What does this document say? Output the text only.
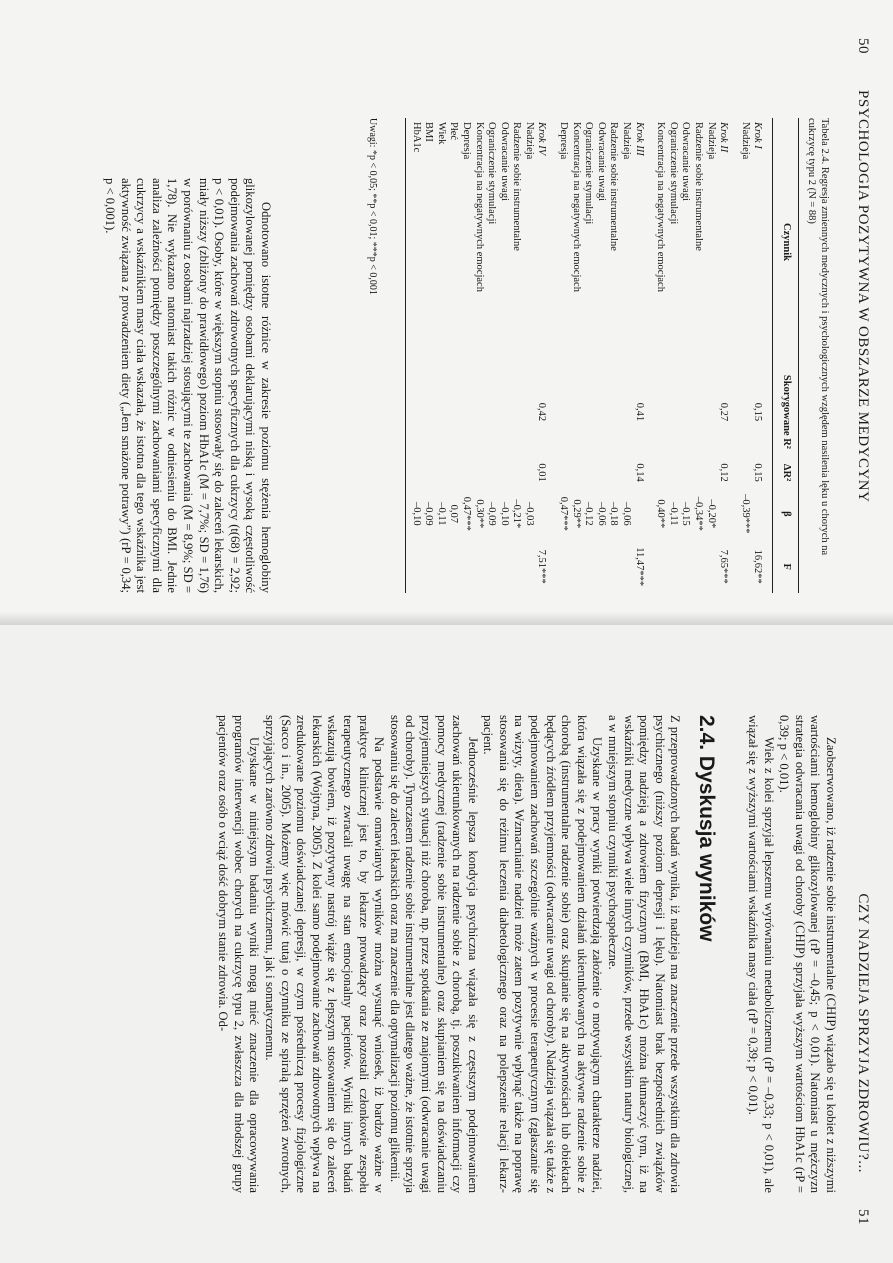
50
PSYCHOLOGIA POZYTYWNA W OBSZARZE MEDYCYNY
Tabela 2.4. Regresja zmiennych medycznych i psychologicznych względem nasilenia lęku u chorych na cukrzycę typu 2 (N = 88)
Czynnik	Skorygowane R²	ΔR²	β	F
Krok I	0,15	0,15		16,62**
Nadzieja			–0,39***	
Krok II	0,27	0,12		7,65***
Nadzieja			–0,20*	
Radzenie sobie instrumentalne			–0,34**	
Odwracanie uwagi			–0,15	
Ograniczenie stymulacji			–0,11	
Koncentracja na negatywnych emocjach			0,40**	
Krok III	0,41	0,14		11,47***
Nadzieja			–0,06	
Radzenie sobie instrumentalne			–0,18	
Odwracanie uwagi			–0,06	
Ograniczenie stymulacji			–0,12	
Koncentracja na negatywnych emocjach			0,29**	
Depresja			0,47***	
Krok IV	0,42	0,01		7,51***
Nadzieja			–0,03	
Radzenie sobie instrumentalne			–0,21*	
Odwracanie uwagi			–0,10	
Ograniczenie stymulacji			–0,09	
Koncentracja na negatywnych emocjach			0,30**	
Depresja			0,47***	
Płeć			0,07	
Wiek			–0,11	
BMI			–0,09	
HbA1c			–0,10	
Uwagi: *p < 0,05; **p < 0,01; ***p < 0,001

Odnotowano istotne różnice w zakresie poziomu stężenia hemoglobiny glikozylowanej pomiędzy osobami deklarującymi niską i wysoką częstotliwość podejmowania zachowań zdrowotnych specyficznych dla cukrzycy (t(68) = 2,92; p < 0,01). Osoby, które w większym stopniu stosowały się do zaleceń lekarskich, miały niższy (zbliżony do prawidłowego) poziom HbA1c (M = 7,7%; SD = 1,76) w porównaniu z osobami najrzadziej stosującymi te zachowania (M = 8,9%; SD = 1,78). Nie wykazano natomiast takich różnic w odniesieniu do BMI. Jednie analiza zależności pomiędzy poszczególnymi zachowaniami specyficznymi dla cukrzycy a wskaźnikiem masy ciała wskazała, że istotna dla tego wskaźnika jest aktywność związana z prowadzeniem diety („Jem smażone potrawy”) (rP = 0,34; p < 0,001).

CZY NADZIEJA SPRZYJA ZDROWIU?...
51

Zaobserwowano, iż radzenie sobie instrumentalne (CHIP) wiązało się u kobiet z niższymi wartościami hemoglobiny glikozylowanej (rP = –0,45; p < 0,01). Natomiast u mężczyzn strategia odwracania uwagi od choroby (CHIP) sprzyjała wyższym wartościom HbA1c (rP = 0,39; p < 0,01).

Wiek z kolei sprzyjał lepszemu wyrównaniu metabolicznemu (rP = –0,33; p < 0,01), ale wiązał się z wyższymi wartościami wskaźnika masy ciała (rP = 0,39; p < 0,01).

2.4. Dyskusja wyników

Z przeprowadzonych badań wynika, iż nadzieja ma znaczenie przede wszystkim dla zdrowia psychicznego (niższy poziom depresji i lęku). Natomiast brak bezpośrednich związków pomiędzy nadzieją a zdrowiem fizycznym (BMI, HbA1c) można tłumaczyć tym, iż na wskaźniki medyczne wpływa wiele innych czynników, przede wszystkim natury biologicznej, a w mniejszym stopniu czynniki psychospołeczne.

Uzyskane w pracy wyniki potwierdzają założenie o motywującym charakterze nadziei, która wiązała się z podejmowaniem działań ukierunkowanych na aktywne radzenie sobie z chorobą (instrumentalne radzenie sobie) oraz skupianie się na aktywnościach lub obiektach będących źródłem przyjemności (odwracanie uwagi od choroby). Nadzieja wiązała się także z podejmowaniem zachowań szczególnie ważnych w procesie terapeutycznym (zgłaszanie się na wizyty, dieta). Wzmacnianie nadziei może zatem pozytywnie wpłynąć także na poprawę stosowania się do reżimu leczenia diabetologicznego oraz na polepszenie relacji lekarz-pacjent.

Jednocześnie lepsza kondycja psychiczna wiązała się z częstszym podejmowaniem zachowań ukierunkowanych na radzenie sobie z chorobą, tj. poszukiwaniem informacji czy pomocy medycznej (radzenie sobie instrumentalne) oraz skupianiem się na doświadczaniu przyjemniejszych sytuacji niż choroba, np. przez spotkania ze znajomymi (odwracanie uwagi od choroby). Tymczasem radzenie sobie instrumentalne jest dlatego ważne, że istotnie sprzyja stosowaniu się do zaleceń lekarskich oraz ma znaczenie dla optymalizacji poziomu glikemii.

Na podstawie omawianych wyników można wysunąć wniosek, iż bardzo ważne w praktyce klinicznej jest to, by lekarze prowadzący oraz pozostali członkowie zespołu terapeutycznego zwracali uwagę na stan emocjonalny pacjentów. Wyniki innych badań wskazują bowiem, iż pozytywny nastrój wiąże się z lepszym stosowaniem się do zaleceń lekarskich (Wojtyna, 2005). Z kolei samo podejmowanie zachowań zdrowotnych wpływa na zredukowane poziomu doświadczanej depresji, w czym pośredniczą procesy fizjologiczne (Sacco i in., 2005). Możemy więc mówić tutaj o czynniku ze spiralą sprzężeń zwrotnych, sprzyjających zarówno zdrowiu psychicznemu, jak i somatycznemu.

Uzyskane w niniejszym badaniu wyniki mogą mieć znaczenie dla opracowywania programów interwencji wobec chorych na cukrzycę typu 2, zwłaszcza dla młodszej grupy pacjentów oraz osób o wciąż dość dobrym stanie zdrowia. Od-
